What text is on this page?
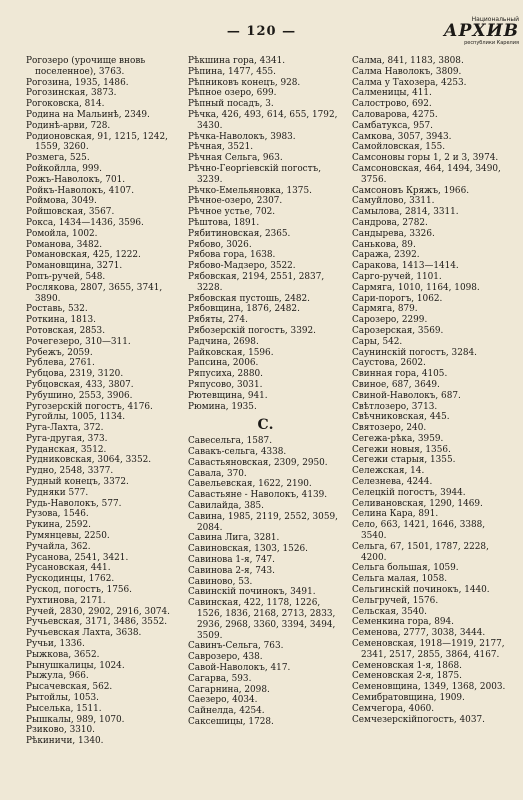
— 120 —
Национальный
АРХИВ
республики Карелия
Рогозеро (урочище вновь поселенное), 3763.
Рогозина, 1935, 1486.
Рогозинская, 3873.
Рогоковска, 814.
Родина на Мальинѣ, 2349.
Родинѣ-арви, 728.
Родионовская, 91, 1215, 1242, 1559, 3260.
Розмега, 525.
Ройкойлла, 999.
Рожъ-Наволокъ, 701.
Ройкъ-Наволокъ, 4107.
Роймова, 3049.
Ройшовская, 3567.
Рокса, 1434—1436, 3596.
Ромойла, 1002.
Романова, 3482.
Романовская, 425, 1222.
Романовщина, 3271.
Ропъ-ручей, 548.
Рослякова, 2807, 3655, 3741, 3890.
Роставь, 532.
Роткина, 1813.
Ротовская, 2853.
Рочегезеро, 310—311.
Рубежъ, 2059.
Рублева, 2761.
Рубцова, 2319, 3120.
Рубцовская, 433, 3807.
Рубушино, 2553, 3906.
Ругозерскій погостъ, 4176.
Ругойлы, 1005, 1134.
Руга-Лахта, 372.
Руга-другая, 373.
Руданская, 3512.
Рудниковская, 3064, 3352.
Рудно, 2548, 3377.
Рудный конецъ, 3372.
Рудняки 577.
Рудь-Наволокъ, 577.
Рузова, 1546.
Рукина, 2592.
Румянцевы, 2250.
Ручайла, 362.
Русанова, 2541, 3421.
Русановская, 441.
Рускодинцы, 1762.
Рускод, погостъ, 1756.
Рухтинова, 2171.
Ручей, 2830, 2902, 2916, 3074.
Ручьевская, 3171, 3486, 3552.
Ручьевская Лахта, 3638.
Ручьи, 1336.
Рыжкова, 3652.
Рынушкалицы, 1024.
Рыжула, 966.
Рысачевская, 562.
Рытойлы, 1053.
Рыселька, 1511.
Рышкалы, 989, 1070.
Рзиково, 3310.
Рѣкиничи, 1340.
Рѣкшина гора, 4341.
Рѣпина, 1477, 455.
Рѣпниковъ конецъ, 928.
Рѣпное озеро, 699.
Рѣпный посадъ, 3.
Рѣчка, 426, 493, 614, 655, 1792, 3430.
Рѣчка-Наволокъ, 3983.
Рѣчная, 3521.
Рѣчная Сельга, 963.
Рѣчно-Георгіевскій погостъ, 3239.
Рѣчко-Емельяновка, 1375.
Рѣчное-озеро, 2307.
Рѣчное устье, 702.
Рѣштова, 1891.
Рябитиновская, 2365.
Рябово, 3026.
Рябова гора, 1638.
Рябово-Мадзеро, 3522.
Рябовская, 2194, 2551, 2837, 3228.
Рябовская пустошь, 2482.
Рябовщина, 1876, 2482.
Рябяты, 274.
Рябозерскій погостъ, 3392.
Радчина, 2698.
Райковская, 1596.
Рапсина, 2006.
Ряпусиха, 2880.
Ряпусово, 3031.
Рютевщина, 941.
Рюмина, 1935.
С.
Савесельга, 1587.
Савакъ-сельга, 4338.
Савастьяновская, 2309, 2950.
Савала, 370.
Савельевская, 1622, 2190.
Савастьяне - Наволокъ, 4139.
Савилайда, 385.
Савина, 1985, 2119, 2552, 3059, 2084.
Савина Лига, 3281.
Савиновская, 1303, 1526.
Савинова 1-я, 747.
Савинова 2-я, 743.
Савиново, 53.
Савинскій починокъ, 3491.
Савинская, 422, 1178, 1226, 1526, 1836, 2168, 2713, 2833, 2936, 2968, 3360, 3394, 3494, 3509.
Савинъ-Сельга, 763.
Саврозеро, 438.
Савой-Наволокъ, 417.
Сагарва, 593.
Сагарнина, 2098.
Саезеро, 4034.
Сайнелда, 4254.
Саксешицы, 1728.
Салма, 841, 1183, 3808.
Салма Наволокъ, 3809.
Салма у Тахозера, 4253.
Салменицы, 411.
Салострово, 692.
Саловарова, 4275.
Самбатукса, 957.
Самкова, 3057, 3943.
Самойловская, 155.
Самсоновы горы 1, 2 и 3, 3974.
Самсоновская, 464, 1494, 3490, 3756.
Самсоновъ Кряжъ, 1966.
Самуйлово, 3311.
Самылова, 2814, 3311.
Сандрова, 2782.
Сандырева, 3326.
Санькова, 89.
Саража, 2392.
Саракова, 1413—1414.
Сарго-ручей, 1101.
Сармяга, 1010, 1164, 1098.
Сари-порогъ, 1062.
Сармяга, 879.
Сарозеро, 2299.
Сарозерская, 3569.
Сары, 542.
Саунинскій погостъ, 3284.
Саустова, 2602.
Свинная гора, 4105.
Свиное, 687, 3649.
Свиной-Наволокъ, 687.
Свѣтлозеро, 3713.
Свѣчниковская, 445.
Святозеро, 240.
Сегежа-рѣка, 3959.
Сегежи новыя, 1356.
Сегежи старыя, 1355.
Сележская, 14.
Селезнева, 4244.
Селецкій погостъ, 3944.
Селивановская, 1290, 1469.
Селина Кара, 891.
Село, 663, 1421, 1646, 3388, 3540.
Сельга, 67, 1501, 1787, 2228, 4200.
Сельга большая, 1059.
Сельга малая, 1058.
Сельгинскій починокъ, 1440.
Сельгручей, 1576.
Сельская, 3540.
Семенкина гора, 894.
Семенова, 2777, 3038, 3444.
Семеновская, 1918—1919, 2177, 2341, 2517, 2855, 3864, 4167.
Семеновская 1-я, 1868.
Семеновская 2-я, 1875.
Семеновщина, 1349, 1368, 2003.
Семибратовщина, 1909.
Семчегора, 4060.
Семчезерскійпогостъ, 4037.
